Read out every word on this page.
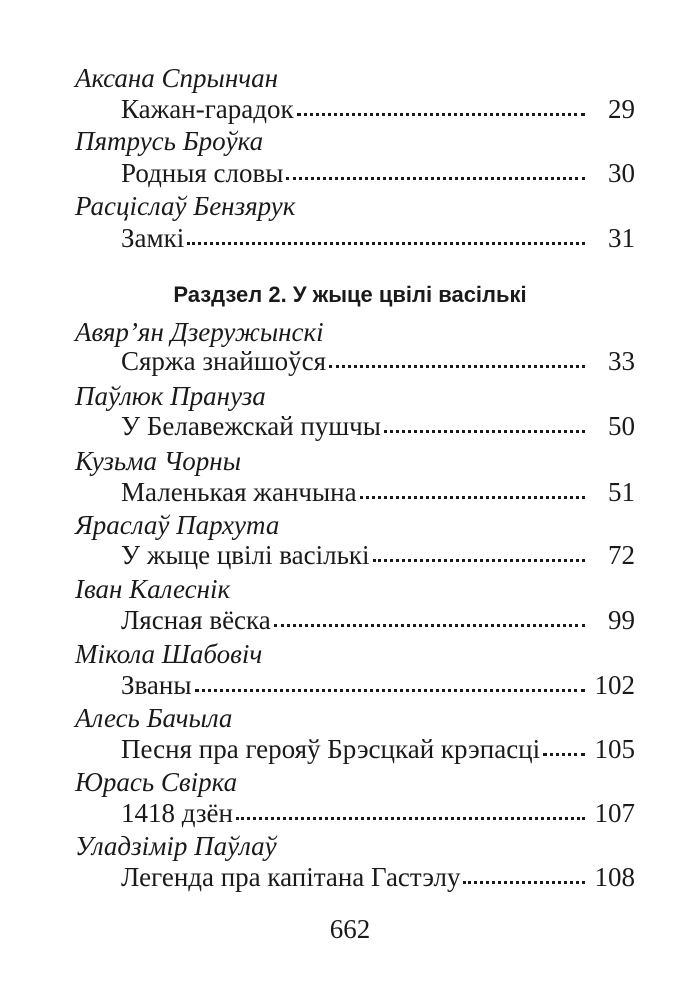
Аксана Спрынчан
Кажан-гарадок	29
Пятрусь Броўка
Родныя словы	30
Расціслаў Бензярук
Замкі	31
Раздзел 2. У жыце цвілі васількі
Авяр’ян Дзеружынскі
Сяржа знайшоўся	33
Паўлюк Пранузa
У Белавежскай пушчы	50
Кузьма Чорны
Маленькая жанчына	51
Яраслаў Пархута
У жыце цвілі васількі	72
Іван Калеснік
Лясная вёска	99
Мікола Шабовіч
Званы	102
Алесь Бачыла
Песня пра герояў Брэсцкай крэпасці 105
Юрась Свірка
1418 дзён	107
Уладзімір Паўлаў
Легенда пра капітана Гастэлу	108
662
